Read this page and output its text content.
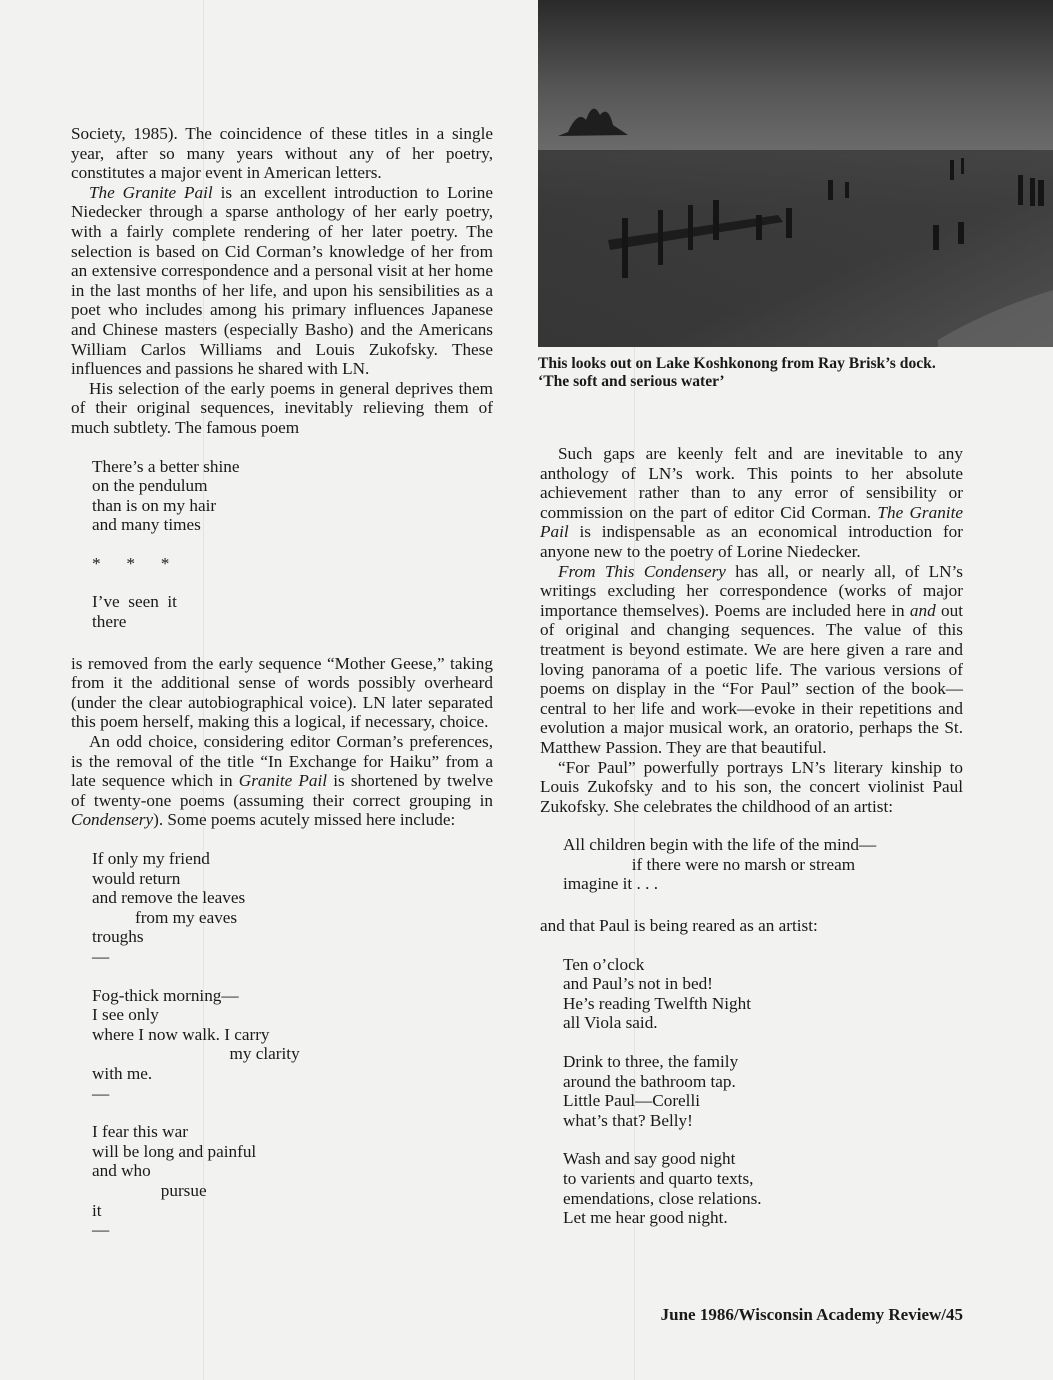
This looks out on Lake Koshkonong from Ray Brisk’s dock. ‘The soft and serious water’

Society, 1985). The coincidence of these titles in a single year, after so many years without any of her poetry, constitutes a major event in American letters.

The Granite Pail is an excellent introduction to Lorine Niedecker through a sparse anthology of her early poetry, with a fairly complete rendering of her later poetry. The selection is based on Cid Corman’s knowledge of her from an extensive correspondence and a personal visit at her home in the last months of her life, and upon his sensibilities as a poet who includes among his primary influences Japanese and Chinese masters (especially Basho) and the Americans William Carlos Williams and Louis Zukofsky. These influences and passions he shared with LN.

His selection of the early poems in general deprives them of their original sequences, inevitably relieving them of much subtlety. The famous poem

There’s a better shine
on the pendulum
than is on my hair
and many times
*      *      *
I’ve  seen  it
there

is removed from the early sequence “Mother Geese,” taking from it the additional sense of words possibly overheard (under the clear autobiographical voice). LN later separated this poem herself, making this a logical, if necessary, choice.

An odd choice, considering editor Corman’s preferences, is the removal of the title “In Exchange for Haiku” from a late sequence which in Granite Pail is shortened by twelve of twenty-one poems (assuming their correct grouping in Condensery). Some poems acutely missed here include:

If only my friend
would return
and remove the leaves
from my eaves
troughs
—
Fog-thick morning—
I see only
where I now walk. I carry
my clarity
with me.
—
I fear this war
will be long and painful
and who
pursue
it
—

Such gaps are keenly felt and are inevitable to any anthology of LN’s work. This points to her absolute achievement rather than to any error of sensibility or commission on the part of editor Cid Corman. The Granite Pail is indispensable as an economical introduction for anyone new to the poetry of Lorine Niedecker.

From This Condensery has all, or nearly all, of LN’s writings excluding her correspondence (works of major importance themselves). Poems are included here in and out of original and changing sequences. The value of this treatment is beyond estimate. We are here given a rare and loving panorama of a poetic life. The various versions of poems on display in the “For Paul” section of the book—central to her life and work—evoke in their repetitions and evolution a major musical work, an oratorio, perhaps the St. Matthew Passion. They are that beautiful.

“For Paul” powerfully portrays LN’s literary kinship to Louis Zukofsky and to his son, the concert violinist Paul Zukofsky. She celebrates the childhood of an artist:

All children begin with the life of the mind—
if there were no marsh or stream
imagine it . . .

and that Paul is being reared as an artist:

Ten o’clock
and Paul’s not in bed!
He’s reading Twelfth Night
all Viola said.
Drink to three, the family
around the bathroom tap.
Little Paul—Corelli
what’s that? Belly!
Wash and say good night
to varients and quarto texts,
emendations, close relations.
Let me hear good night.
June 1986/Wisconsin Academy Review/45
